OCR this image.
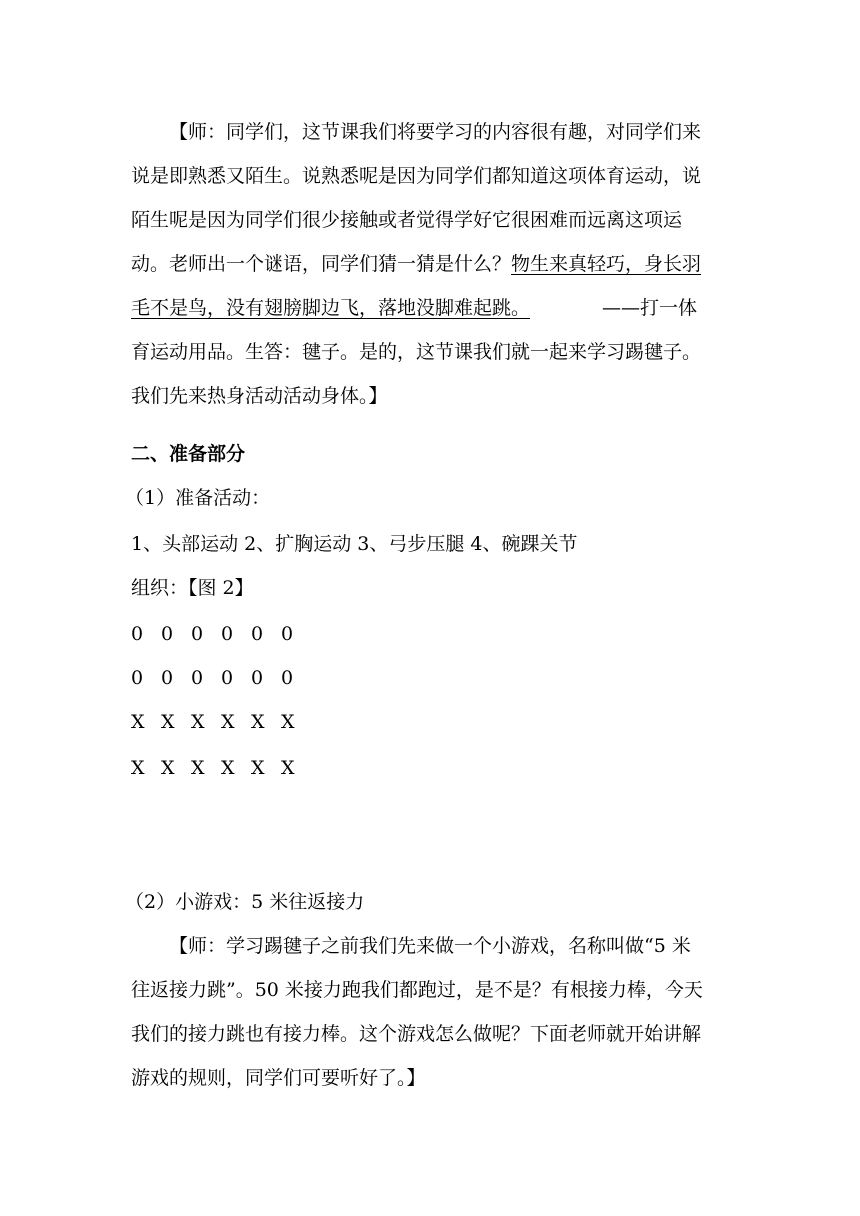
【师：同学们，这节课我们将要学习的内容很有趣，对同学们来
说是即熟悉又陌生。说熟悉呢是因为同学们都知道这项体育运动，说
陌生呢是因为同学们很少接触或者觉得学好它很困难而远离这项运
动。老师出一个谜语，同学们猜一猜是什么？物生来真轻巧，身长羽
毛不是鸟，没有翅膀脚边飞，落地没脚难起跳。	——打一体
育运动用品。生答：毽子。是的，这节课我们就一起来学习踢毽子。
我们先来热身活动活动身体。】
二、准备部分
（1）准备活动：
1、头部运动 2、扩胸运动 3、弓步压腿 4、碗踝关节
组织：【图 2】
0 0 0 0 0 0
0 0 0 0 0 0
X X X X X X
X X X X X X
（2）小游戏：5 米往返接力
【师：学习踢毽子之前我们先来做一个小游戏，名称叫做“5 米
往返接力跳”。50 米接力跑我们都跑过，是不是？有根接力棒，今天
我们的接力跳也有接力棒。这个游戏怎么做呢？下面老师就开始讲解
游戏的规则，同学们可要听好了。】
